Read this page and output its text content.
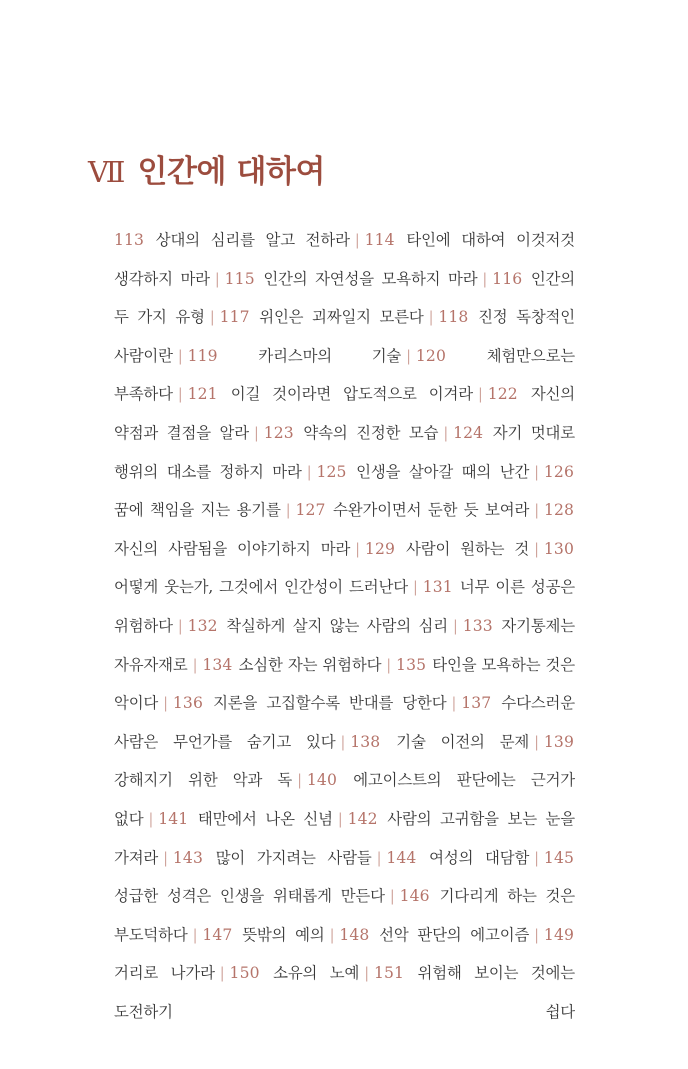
Ⅶ 인간에 대하여
113 상대의 심리를 알고 전하라 | 114 타인에 대하여 이것저것 생각하지 마라 | 115 인간의 자연성을 모욕하지 마라 | 116 인간의 두 가지 유형 | 117 위인은 괴짜일지 모른다 | 118 진정 독창적인 사람이란 | 119	카리스마의 기술 | 120	체험만으로는 부족하다 | 121 이길 것이라면 압도적으로 이겨라 | 122 자신의 약점과 결점을 알라 | 123 약속의 진정한 모습 | 124 자기 멋대로 행위의 대소를 정하지 마라 | 125 인생을 살아갈 때의 난간 | 126 꿈에 책임을 지는 용기를 | 127 수완가이면서 둔한 듯 보여라 | 128 자신의 사람됨을 이야기하지 마라 | 129 사람이 원하는 것 | 130 어떻게 웃는가, 그것에서 인간성이 드러난다 | 131 너무 이른 성공은 위험하다 | 132 착실하게 살지 않는 사람의 심리 | 133 자기통제는 자유자재로 | 134 소심한 자는 위험하다 | 135 타인을 모욕하는 것은 악이다 | 136 지론을 고집할수록 반대를 당한다 | 137 수다스러운 사람은 무언가를 숨기고 있다 | 138 기술 이전의 문제 | 139 강해지기 위한 악과 독 | 140 에고이스트의 판단에는 근거가 없다 | 141 태만에서 나온 신념 | 142 사람의 고귀함을 보는 눈을 가져라 | 143 많이 가지려는 사람들 | 144 여성의 대담함 | 145 성급한 성격은 인생을 위태롭게 만든다 | 146 기다리게 하는 것은 부도덕하다 | 147 뜻밖의 예의 | 148 선악 판단의 에고이즘 | 149 거리로 나가라 | 150 소유의 노예 | 151 위험해 보이는 것에는 도전하기 쉽다
